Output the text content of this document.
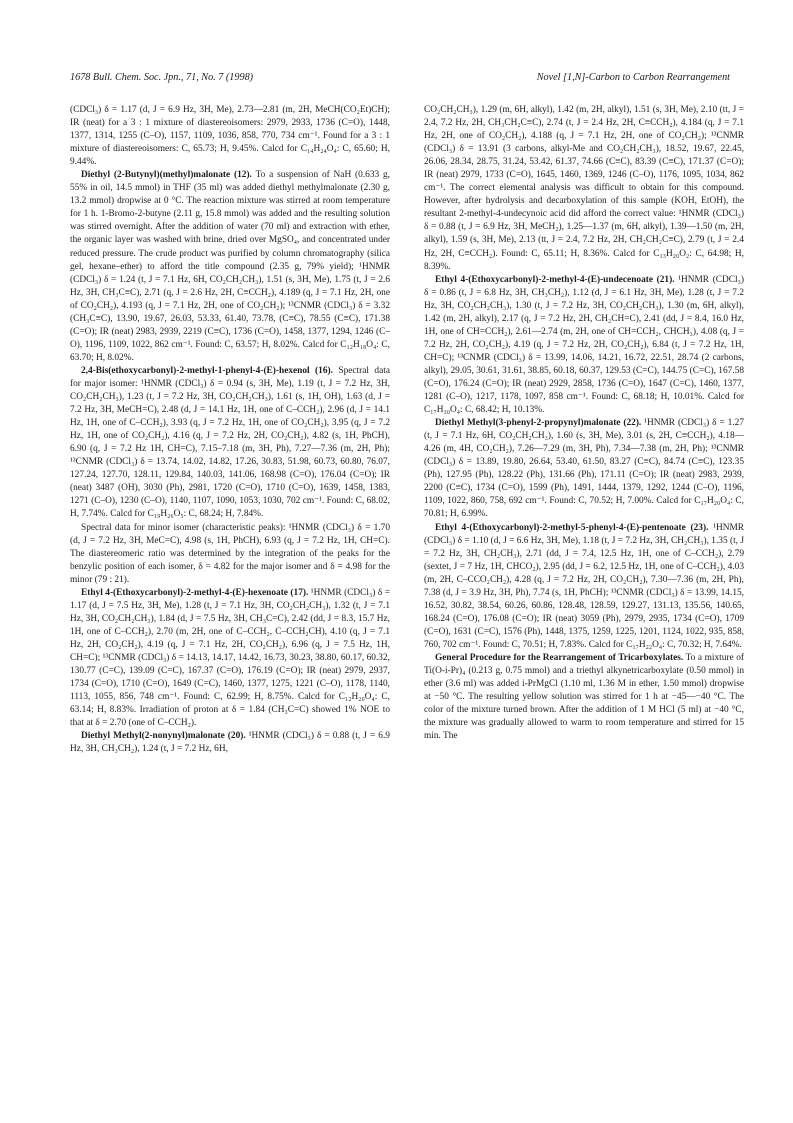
1678 Bull. Chem. Soc. Jpn., 71, No. 7 (1998)	Novel [1,N]-Carbon to Carbon Rearrangement

(CDCl₃) δ = 1.17 (d, J = 6.9 Hz, 3H, Me), 2.73—2.81 (m, 2H, MeCH(CO₂Et)CH); IR (neat) for a 3 : 1 mixture of diastereoisomers: 2979, 2933, 1736 (C=O), 1448, 1377, 1314, 1255 (C–O), 1157, 1109, 1036, 858, 770, 734 cm⁻¹. Found for a 3 : 1 mixture of diastereoisomers: C, 65.73; H, 9.45%. Calcd for C₁₄H₂₄O₄: C, 65.60; H, 9.44%.

Diethyl (2-Butynyl)(methyl)malonate (12). To a suspension of NaH (0.633 g, 55% in oil, 14.5 mmol) in THF (35 ml) was added diethyl methylmalonate (2.30 g, 13.2 mmol) dropwise at 0 °C. The reaction mixture was stirred at room temperature for 1 h. 1-Bromo-2-butyne (2.11 g, 15.8 mmol) was added and the resulting solution was stirred overnight. After the addition of water (70 ml) and extraction with ether, the organic layer was washed with brine, dried over MgSO₄, and concentrated under reduced pressure. The crude product was purified by column chromatography (silica gel, hexane–ether) to afford the title compound (2.35 g, 79% yield); ¹HNMR (CDCl₃) δ = 1.24 (t, J = 7.1 Hz, 6H, CO₂CH₂CH₃), 1.51 (s, 3H, Me), 1.75 (t, J = 2.6 Hz, 3H, CH₃C≡C), 2.71 (q, J = 2.6 Hz, 2H, C≡CCH₂), 4.189 (q, J = 7.1 Hz, 2H, one of CO₂CH₂), 4.193 (q, J = 7.1 Hz, 2H, one of CO₂CH₂); ¹³CNMR (CDCl₃) δ = 3.32 (CH₃C≡C), 13.90, 19.67, 26.03, 53.33, 61.40, 73.78, (C≡C), 78.55 (C≡C), 171.38 (C=O); IR (neat) 2983, 2939, 2219 (C≡C), 1736 (C=O), 1458, 1377, 1294, 1246 (C–O), 1196, 1109, 1022, 862 cm⁻¹. Found: C, 63.57; H, 8.02%. Calcd for C₁₂H₁₈O₄: C, 63.70; H, 8.02%.

2,4-Bis(ethoxycarbonyl)-2-methyl-1-phenyl-4-(E)-hexenol (16). Spectral data for major isomer: ¹HNMR (CDCl₃) δ = 0.94 (s, 3H, Me), 1.19 (t, J = 7.2 Hz, 3H, CO₂CH₂CH₃), 1.23 (t, J = 7.2 Hz, 3H, CO₂CH₂CH₃), 1.61 (s, 1H, OH), 1.63 (d, J = 7.2 Hz, 3H, MeCH=C), 2.48 (d, J = 14.1 Hz, 1H, one of C–CCH₂), 2.96 (d, J = 14.1 Hz, 1H, one of C–CCH₂), 3.93 (q, J = 7.2 Hz, 1H, one of CO₂CH₂), 3.95 (q, J = 7.2 Hz, 1H, one of CO₂CH₂), 4.16 (q, J = 7.2 Hz, 2H, CO₂CH₂), 4.82 (s, 1H, PhCH), 6.90 (q, J = 7.2 Hz 1H, CH=C), 7.15–7.18 (m, 3H, Ph), 7.27—7.36 (m, 2H, Ph); ¹³CNMR (CDCl₃) δ = 13.74, 14.02, 14.82, 17.26, 30.83, 51.98, 60.73, 60.80, 76.07, 127.24, 127.70, 128.11, 129.84, 140.03, 141.06, 168.98 (C=O), 176.04 (C=O); IR (neat) 3487 (OH), 3030 (Ph), 2981, 1720 (C=O), 1710 (C=O), 1639, 1458, 1383, 1271 (C–O), 1230 (C–O), 1140, 1107, 1090, 1053, 1030, 702 cm⁻¹. Found: C, 68.02, H, 7.74%. Calcd for C₁₉H₂₆O₅: C, 68.24; H, 7.84%.

Spectral data for minor isomer (characteristic peaks): ¹HNMR (CDCl₃) δ = 1.70 (d, J = 7.2 Hz, 3H, MeC=C), 4.98 (s, 1H, PhCH), 6.93 (q, J = 7.2 Hz, 1H, CH=C). The diastereomeric ratio was determined by the integration of the peaks for the benzylic position of each isomer, δ = 4.82 for the major isomer and δ = 4.98 for the minor (79 : 21).

Ethyl 4-(Ethoxycarbonyl)-2-methyl-4-(E)-hexenoate (17). ¹HNMR (CDCl₃) δ = 1.17 (d, J = 7.5 Hz, 3H, Me), 1.28 (t, J = 7.1 Hz, 3H, CO₂CH₂CH₃), 1.32 (t, J = 7.1 Hz, 3H, CO₂CH₂CH₃), 1.84 (d, J = 7.5 Hz, 3H, CH₃C=C), 2.42 (dd, J = 8.3, 15.7 Hz, 1H, one of C–CCH₂), 2.70 (m, 2H, one of C–CCH₂, C–CCH₂CH), 4.10 (q, J = 7.1 Hz, 2H, CO₂CH₂), 4.19 (q, J = 7.1 Hz, 2H, CO₂CH₂), 6.96 (q, J = 7.5 Hz, 1H, CH=C); ¹³CNMR (CDCl₃) δ = 14.13, 14.17, 14.42, 16.73, 30.23, 38.80, 60.17, 60.32, 130.77 (C=C), 139.09 (C=C), 167.37 (C=O), 176.19 (C=O); IR (neat) 2979, 2937, 1734 (C=O), 1710 (C=O), 1649 (C=C), 1460, 1377, 1275, 1221 (C–O), 1178, 1140, 1113, 1055, 856, 748 cm⁻¹. Found: C, 62.99; H, 8.75%. Calcd for C₁₂H₂₀O₄: C, 63.14; H, 8.83%. Irradiation of proton at δ = 1.84 (CH₃C=C) showed 1% NOE to that at δ = 2.70 (one of C–CCH₂).

Diethyl Methyl(2-nonynyl)malonate (20). ¹HNMR (CDCl₃) δ = 0.88 (t, J = 6.9 Hz, 3H, CH₃CH₂), 1.24 (t, J = 7.2 Hz, 6H,

CO₂CH₂CH₃), 1.29 (m, 6H, alkyl), 1.42 (m, 2H, alkyl), 1.51 (s, 3H, Me), 2.10 (tt, J = 2.4, 7.2 Hz, 2H, CH₃CH₂C≡C), 2.74 (t, J = 2.4 Hz, 2H, C≡CCH₂), 4.184 (q, J = 7.1 Hz, 2H, one of CO₂CH₂), 4.188 (q, J = 7.1 Hz, 2H, one of CO₂CH₂); ¹³CNMR (CDCl₃) δ = 13.91 (3 carbons, alkyl-Me and CO₂CH₂CH₃), 18.52, 19.67, 22.45, 26.06, 28.34, 28.75, 31.24, 53.42, 61.37, 74.66 (C≡C), 83.39 (C≡C), 171.37 (C=O); IR (neat) 2979, 1733 (C=O), 1645, 1460, 1369, 1246 (C–O), 1176, 1095, 1034, 862 cm⁻¹. The correct elemental analysis was difficult to obtain for this compound. However, after hydrolysis and decarboxylation of this sample (KOH, EtOH), the resultant 2-methyl-4-undecynoic acid did afford the correct value: ¹HNMR (CDCl₃) δ = 0.88 (t, J = 6.9 Hz, 3H, MeCH₂), 1.25—1.37 (m, 6H, alkyl), 1.39—1.50 (m, 2H, alkyl), 1.59 (s, 3H, Me), 2.13 (tt, J = 2.4, 7.2 Hz, 2H, CH₂CH₂C≡C), 2.79 (t, J = 2.4 Hz, 2H, C≡CCH₂). Found: C, 65.11; H, 8.36%. Calcd for C₁₃H₂₀O₂: C, 64.98; H, 8.39%.

Ethyl 4-(Ethoxycarbonyl)-2-methyl-4-(E)-undecenoate (21). ¹HNMR (CDCl₃) δ = 0.86 (t, J = 6.8 Hz, 3H, CH₃CH₂), 1.12 (d, J = 6.1 Hz, 3H, Me), 1.28 (t, J = 7.2 Hz, 3H, CO₂CH₂CH₃), 1.30 (t, J = 7.2 Hz, 3H, CO₂CH₂CH₃), 1.30 (m, 6H, alkyl), 1.42 (m, 2H, alkyl), 2.17 (q, J = 7.2 Hz, 2H, CH₂CH=C), 2.41 (dd, J = 8.4, 16.0 Hz, 1H, one of CH=CCH₂), 2.61—2.74 (m, 2H, one of CH=CCH₂, CHCH₃), 4.08 (q, J = 7.2 Hz, 2H, CO₂CH₂), 4.19 (q, J = 7.2 Hz, 2H, CO₂CH₂), 6.84 (t, J = 7.2 Hz, 1H, CH=C); ¹³CNMR (CDCl₃) δ = 13.99, 14.06, 14.21, 16.72, 22.51, 28.74 (2 carbons, alkyl), 29.05, 30.61, 31.61, 38.85, 60.18, 60.37, 129.53 (C=C), 144.75 (C=C), 167.58 (C=O), 176.24 (C=O); IR (neat) 2929, 2858, 1736 (C=O), 1647 (C=C), 1460, 1377, 1281 (C–O), 1217, 1178, 1097, 858 cm⁻¹. Found: C, 68.18; H, 10.01%. Calcd for C₁₇H₃₀O₄: C, 68.42; H, 10.13%.

Diethyl Methyl(3-phenyl-2-propynyl)malonate (22). ¹HNMR (CDCl₃) δ = 1.27 (t, J = 7.1 Hz, 6H, CO₂CH₂CH₃), 1.60 (s, 3H, Me), 3.01 (s, 2H, C≡CCH₂), 4.18—4.26 (m, 4H, CO₂CH₂), 7.26—7.29 (m, 3H, Ph), 7.34—7.38 (m, 2H, Ph); ¹³CNMR (CDCl₃) δ = 13.89, 19.80, 26.64, 53.40, 61.50, 83.27 (C≡C), 84.74 (C≡C), 123.35 (Ph), 127.95 (Ph), 128.22 (Ph), 131.66 (Ph), 171.11 (C=O); IR (neat) 2983, 2939, 2200 (C≡C), 1734 (C=O), 1599 (Ph), 1491, 1444, 1379, 1292, 1244 (C–O), 1196, 1109, 1022, 860, 758, 692 cm⁻¹. Found: C, 70.52; H, 7.00%. Calcd for C₁₇H₂₀O₄: C, 70.81; H, 6.99%.

Ethyl 4-(Ethoxycarbonyl)-2-methyl-5-phenyl-4-(E)-pentenoate (23). ¹HNMR (CDCl₃) δ = 1.10 (d, J = 6.6 Hz, 3H, Me), 1.18 (t, J = 7.2 Hz, 3H, CH₂CH₃), 1.35 (t, J = 7.2 Hz, 3H, CH₂CH₃), 2.71 (dd, J = 7.4, 12.5 Hz, 1H, one of C–CCH₂), 2.79 (sextet, J = 7 Hz, 1H, CHCO₂), 2.95 (dd, J = 6.2, 12.5 Hz, 1H, one of C–CCH₂), 4.03 (m, 2H, C–CCO₂CH₂), 4.28 (q, J = 7.2 Hz, 2H, CO₂CH₂), 7.30—7.36 (m, 2H, Ph), 7.38 (d, J = 3.9 Hz, 3H, Ph), 7.74 (s, 1H, PhCH); ¹³CNMR (CDCl₃) δ = 13.99, 14.15, 16.52, 30.82, 38.54, 60.26, 60.86, 128.48, 128.59, 129.27, 131.13, 135.56, 140.65, 168.24 (C=O), 176.08 (C=O); IR (neat) 3059 (Ph), 2979, 2935, 1734 (C=O), 1709 (C=O), 1631 (C=C), 1576 (Ph), 1448, 1375, 1259, 1225, 1201, 1124, 1022, 935, 858, 760, 702 cm⁻¹. Found: C, 70.51; H, 7.83%. Calcd for C₁₇H₂₂O₄: C, 70.32; H, 7.64%.

General Procedure for the Rearrangement of Tricarboxylates. To a mixture of Ti(O-i-Pr)₄ (0.213 g, 0.75 mmol) and a triethyl alkynetricarboxylate (0.50 mmol) in ether (3.6 ml) was added i-PrMgCl (1.10 ml, 1.36 M in ether, 1.50 mmol) dropwise at −50 °C. The resulting yellow solution was stirred for 1 h at −45—−40 °C. The color of the mixture turned brown. After the addition of 1 M HCl (5 ml) at −40 °C, the mixture was gradually allowed to warm to room temperature and stirred for 15 min. The
